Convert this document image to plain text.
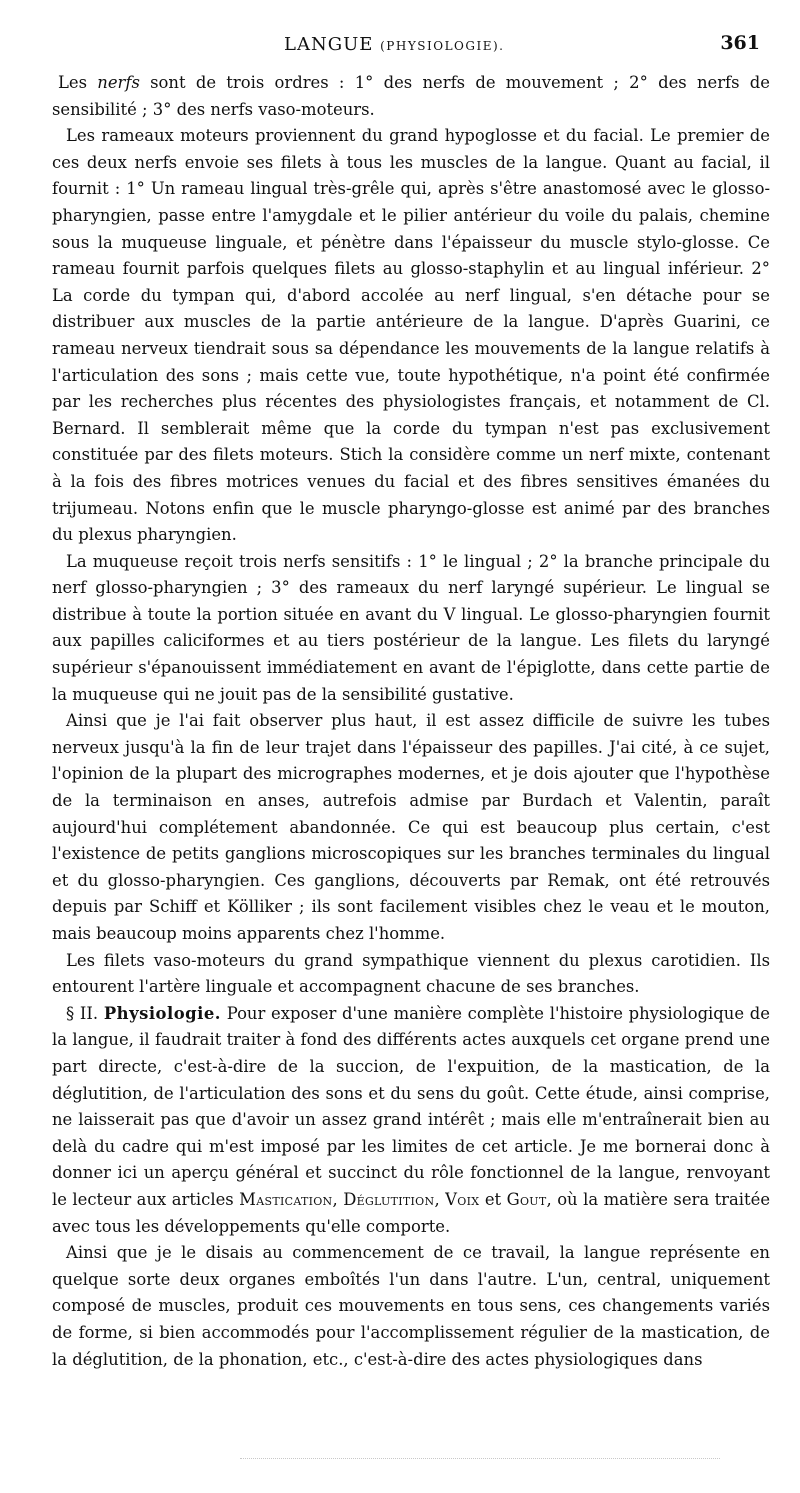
LANGUE (PHYSIOLOGIE).	361

Les nerfs sont de trois ordres : 1° des nerfs de mouvement ; 2° des nerfs de sensibilité ; 3° des nerfs vaso-moteurs.

Les rameaux moteurs proviennent du grand hypoglosse et du facial. Le premier de ces deux nerfs envoie ses filets à tous les muscles de la langue. Quant au facial, il fournit : 1° Un rameau lingual très-grêle qui, après s'être anastomosé avec le glosso-pharyngien, passe entre l'amygdale et le pilier antérieur du voile du palais, chemine sous la muqueuse linguale, et pénètre dans l'épaisseur du muscle stylo-glosse. Ce rameau fournit parfois quelques filets au glosso-staphylin et au lingual inférieur. 2° La corde du tympan qui, d'abord accolée au nerf lingual, s'en détache pour se distribuer aux muscles de la partie antérieure de la langue. D'après Guarini, ce rameau nerveux tiendrait sous sa dépendance les mouvements de la langue relatifs à l'articulation des sons ; mais cette vue, toute hypothétique, n'a point été confirmée par les recherches plus récentes des physiologistes français, et notamment de Cl. Bernard. Il semblerait même que la corde du tympan n'est pas exclusivement constituée par des filets moteurs. Stich la considère comme un nerf mixte, contenant à la fois des fibres motrices venues du facial et des fibres sensitives émanées du trijumeau. Notons enfin que le muscle pharyngo-glosse est animé par des branches du plexus pharyngien.

La muqueuse reçoit trois nerfs sensitifs : 1° le lingual ; 2° la branche principale du nerf glosso-pharyngien ; 3° des rameaux du nerf laryngé supérieur. Le lingual se distribue à toute la portion située en avant du V lingual. Le glosso-pharyngien fournit aux papilles caliciformes et au tiers postérieur de la langue. Les filets du laryngé supérieur s'épanouissent immédiatement en avant de l'épiglotte, dans cette partie de la muqueuse qui ne jouit pas de la sensibilité gustative.

Ainsi que je l'ai fait observer plus haut, il est assez difficile de suivre les tubes nerveux jusqu'à la fin de leur trajet dans l'épaisseur des papilles. J'ai cité, à ce sujet, l'opinion de la plupart des micrographes modernes, et je dois ajouter que l'hypothèse de la terminaison en anses, autrefois admise par Burdach et Valentin, paraît aujourd'hui complétement abandonnée. Ce qui est beaucoup plus certain, c'est l'existence de petits ganglions microscopiques sur les branches terminales du lingual et du glosso-pharyngien. Ces ganglions, découverts par Remak, ont été retrouvés depuis par Schiff et Kölliker ; ils sont facilement visibles chez le veau et le mouton, mais beaucoup moins apparents chez l'homme.

Les filets vaso-moteurs du grand sympathique viennent du plexus carotidien. Ils entourent l'artère linguale et accompagnent chacune de ses branches.

§ II. Physiologie. Pour exposer d'une manière complète l'histoire physiologique de la langue, il faudrait traiter à fond des différents actes auxquels cet organe prend une part directe, c'est-à-dire de la succion, de l'expuition, de la mastication, de la déglutition, de l'articulation des sons et du sens du goût. Cette étude, ainsi comprise, ne laisserait pas que d'avoir un assez grand intérêt ; mais elle m'entraînerait bien au delà du cadre qui m'est imposé par les limites de cet article. Je me bornerai donc à donner ici un aperçu général et succinct du rôle fonctionnel de la langue, renvoyant le lecteur aux articles Mastication, Déglutition, Voix et Gout, où la matière sera traitée avec tous les développements qu'elle comporte.

Ainsi que je le disais au commencement de ce travail, la langue représente en quelque sorte deux organes emboîtés l'un dans l'autre. L'un, central, uniquement composé de muscles, produit ces mouvements en tous sens, ces changements variés de forme, si bien accommodés pour l'accomplissement régulier de la mastication, de la déglutition, de la phonation, etc., c'est-à-dire des actes physiologiques dans
